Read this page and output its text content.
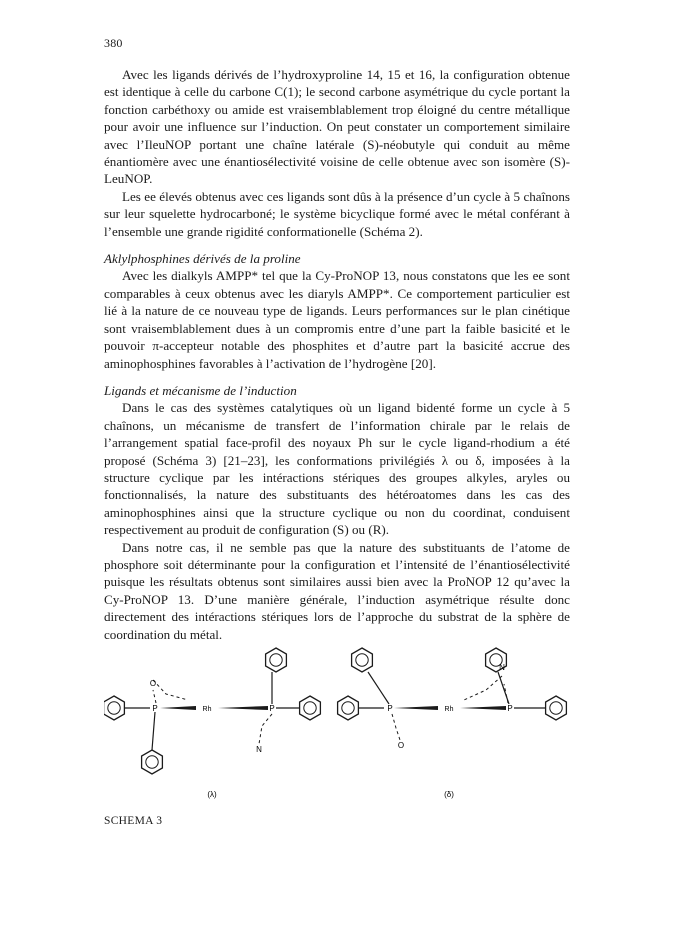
380

Avec les ligands dérivés de l’hydroxyproline 14, 15 et 16, la configuration obtenue est identique à celle du carbone C(1); le second carbone asymétrique du cycle portant la fonction carbéthoxy ou amide est vraisemblablement trop éloigné du centre métallique pour avoir une influence sur l’induction. On peut constater un comportement similaire avec l’IleuNOP portant une chaîne latérale (S)-néobutyle qui conduit au même énantiomère avec une énantiosélectivité voisine de celle obtenue avec son isomère (S)-LeuNOP.

Les ee élevés obtenus avec ces ligands sont dûs à la présence d’un cycle à 5 chaînons sur leur squelette hydrocarboné; le système bicyclique formé avec le métal conférant à l’ensemble une grande rigidité conformationelle (Schéma 2).

Aklylphosphines dérivés de la proline

Avec les dialkyls AMPP* tel que la Cy-ProNOP 13, nous constatons que les ee sont comparables à ceux obtenus avec les diaryls AMPP*. Ce comportement particulier est lié à la nature de ce nouveau type de ligands. Leurs performances sur le plan cinétique sont vraisemblablement dues à un compromis entre d’une part la faible basicité et le pouvoir π-accepteur notable des phosphites et d’autre part la basicité accrue des aminophosphines favorables à l’activation de l’hydrogène [20].

Ligands et mécanisme de l’induction

Dans le cas des systèmes catalytiques où un ligand bidenté forme un cycle à 5 chaînons, un mécanisme de transfert de l’information chirale par le relais de l’arrangement spatial face-profil des noyaux Ph sur le cycle ligand-rhodium a été proposé (Schéma 3) [21–23], les conformations privilégiés λ ou δ, imposées à la structure cyclique par les intéractions stériques des groupes alkyles, aryles ou fonctionnalisés, la nature des substituants des hétéroatomes dans les cas des aminophosphines ainsi que la structure cyclique ou non du coordinat, conduisent respectivement au produit de configuration (S) ou (R).

Dans notre cas, il ne semble pas que la nature des substituants de l’atome de phosphore soit déterminante pour la configuration et l’intensité de l’énantiosélectivité puisque les résultats obtenus sont similaires aussi bien avec la ProNOP 12 qu’avec la Cy-ProNOP 13. D’une manière générale, l’induction asymétrique résulte donc directement des intéractions stériques lors de l’approche du substrat de la sphère de coordination du métal.

P	Rh	P
O
N
(λ)
P	Rh	P
N
O
(δ)
SCHEMA 3
